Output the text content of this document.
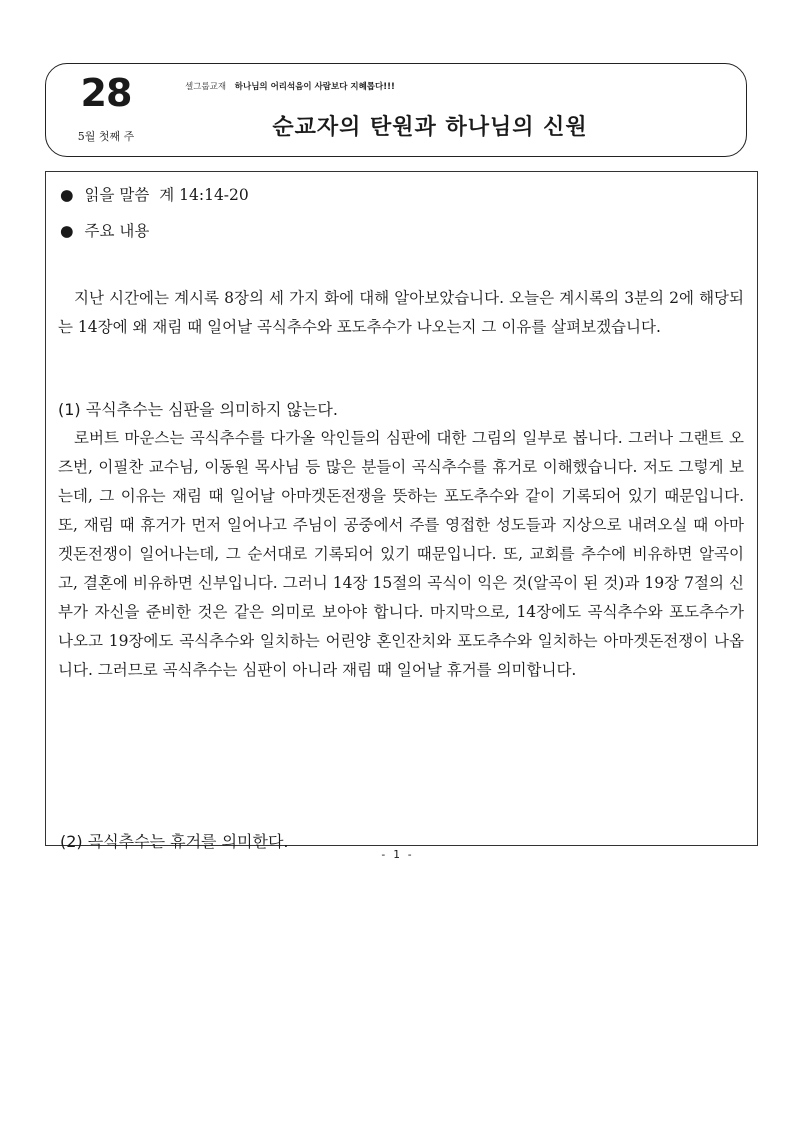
28
5월 첫째 주
셀그룹교재 하나님의 어리석음이 사람보다 지혜롭다!!!
순교자의 탄원과 하나님의 신원
● 읽을 말씀 계 14:14-20
● 주요 내용
지난 시간에는 계시록 8장의 세 가지 화에 대해 알아보았습니다. 오늘은 계시록의 3분의 2에 해당되는 14장에 왜 재림 때 일어날 곡식추수와 포도추수가 나오는지 그 이유를 살펴보겠습니다.
(1) 곡식추수는 심판을 의미하지 않는다.
로버트 마운스는 곡식추수를 다가올 악인들의 심판에 대한 그림의 일부로 봅니다. 그러나 그랜트 오즈번, 이필찬 교수님, 이동원 목사님 등 많은 분들이 곡식추수를 휴거로 이해했습니다. 저도 그렇게 보는데, 그 이유는 재림 때 일어날 아마겟돈전쟁을 뜻하는 포도추수와 같이 기록되어 있기 때문입니다. 또, 재림 때 휴거가 먼저 일어나고 주님이 공중에서 주를 영접한 성도들과 지상으로 내려오실 때 아마겟돈전쟁이 일어나는데, 그 순서대로 기록되어 있기 때문입니다. 또, 교회를 추수에 비유하면 알곡이고, 결혼에 비유하면 신부입니다. 그러니 14장 15절의 곡식이 익은 것(알곡이 된 것)과 19장 7절의 신부가 자신을 준비한 것은 같은 의미로 보아야 합니다. 마지막으로, 14장에도 곡식추수와 포도추수가 나오고 19장에도 곡식추수와 일치하는 어린양 혼인잔치와 포도추수와 일치하는 아마겟돈전쟁이 나옵니다. 그러므로 곡식추수는 심판이 아니라 재림 때 일어날 휴거를 의미합니다.
(2) 곡식추수는 휴거를 의미한다.
- 1 -
